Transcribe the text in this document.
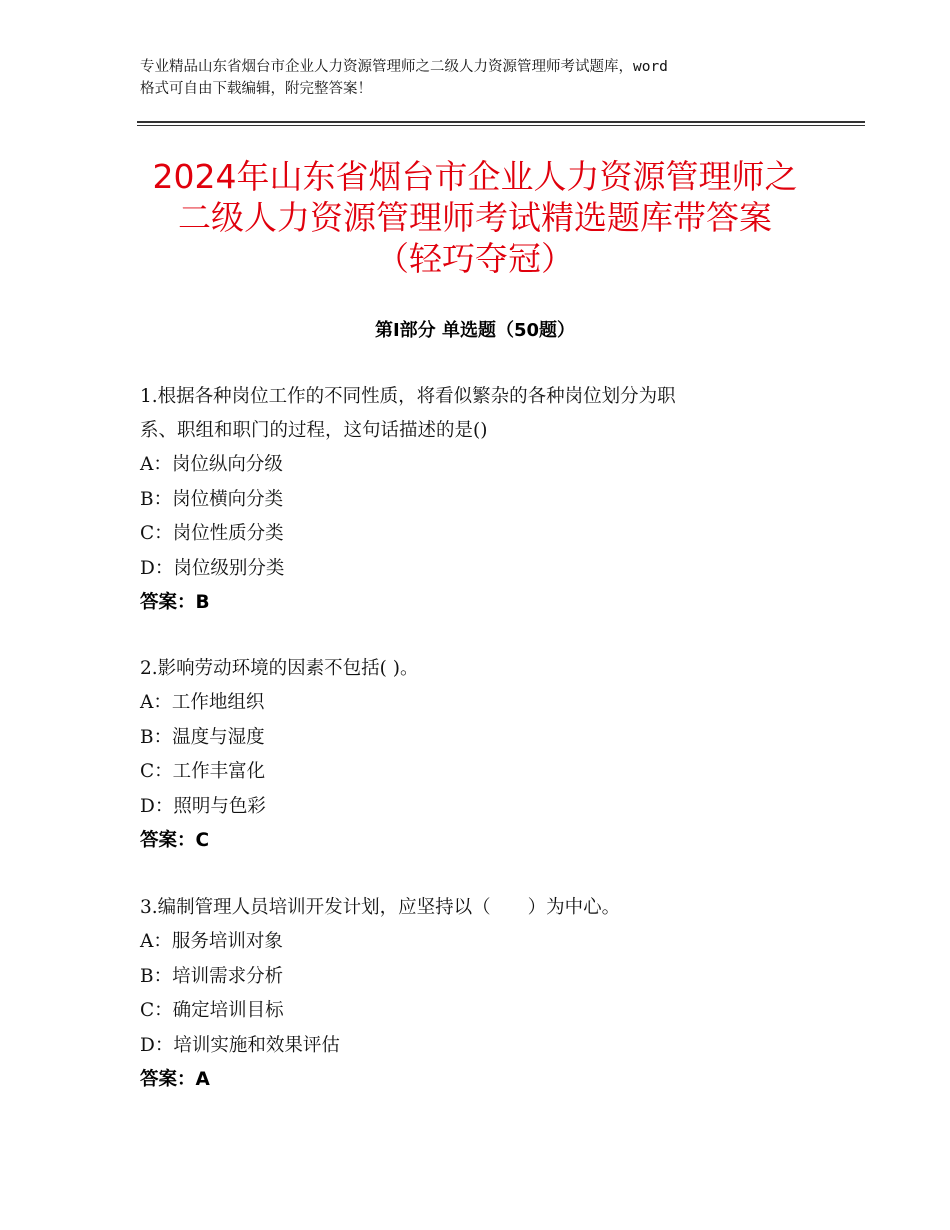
专业精品山东省烟台市企业人力资源管理师之二级人力资源管理师考试题库，word
格式可自由下载编辑，附完整答案！
2024年山东省烟台市企业人力资源管理师之
二级人力资源管理师考试精选题库带答案
（轻巧夺冠）
第Ⅰ部分 单选题（50题）

1.根据各种岗位工作的不同性质，将看似繁杂的各种岗位划分为职

系、职组和职门的过程，这句话描述的是()

A：岗位纵向分级

B：岗位横向分类

C：岗位性质分类

D：岗位级别分类

答案：B

2.影响劳动环境的因素不包括( )。

A：工作地组织

B：温度与湿度

C：工作丰富化

D：照明与色彩

答案：C

3.编制管理人员培训开发计划，应坚持以（　　）为中心。

A：服务培训对象

B：培训需求分析

C：确定培训目标

D：培训实施和效果评估

答案：A
